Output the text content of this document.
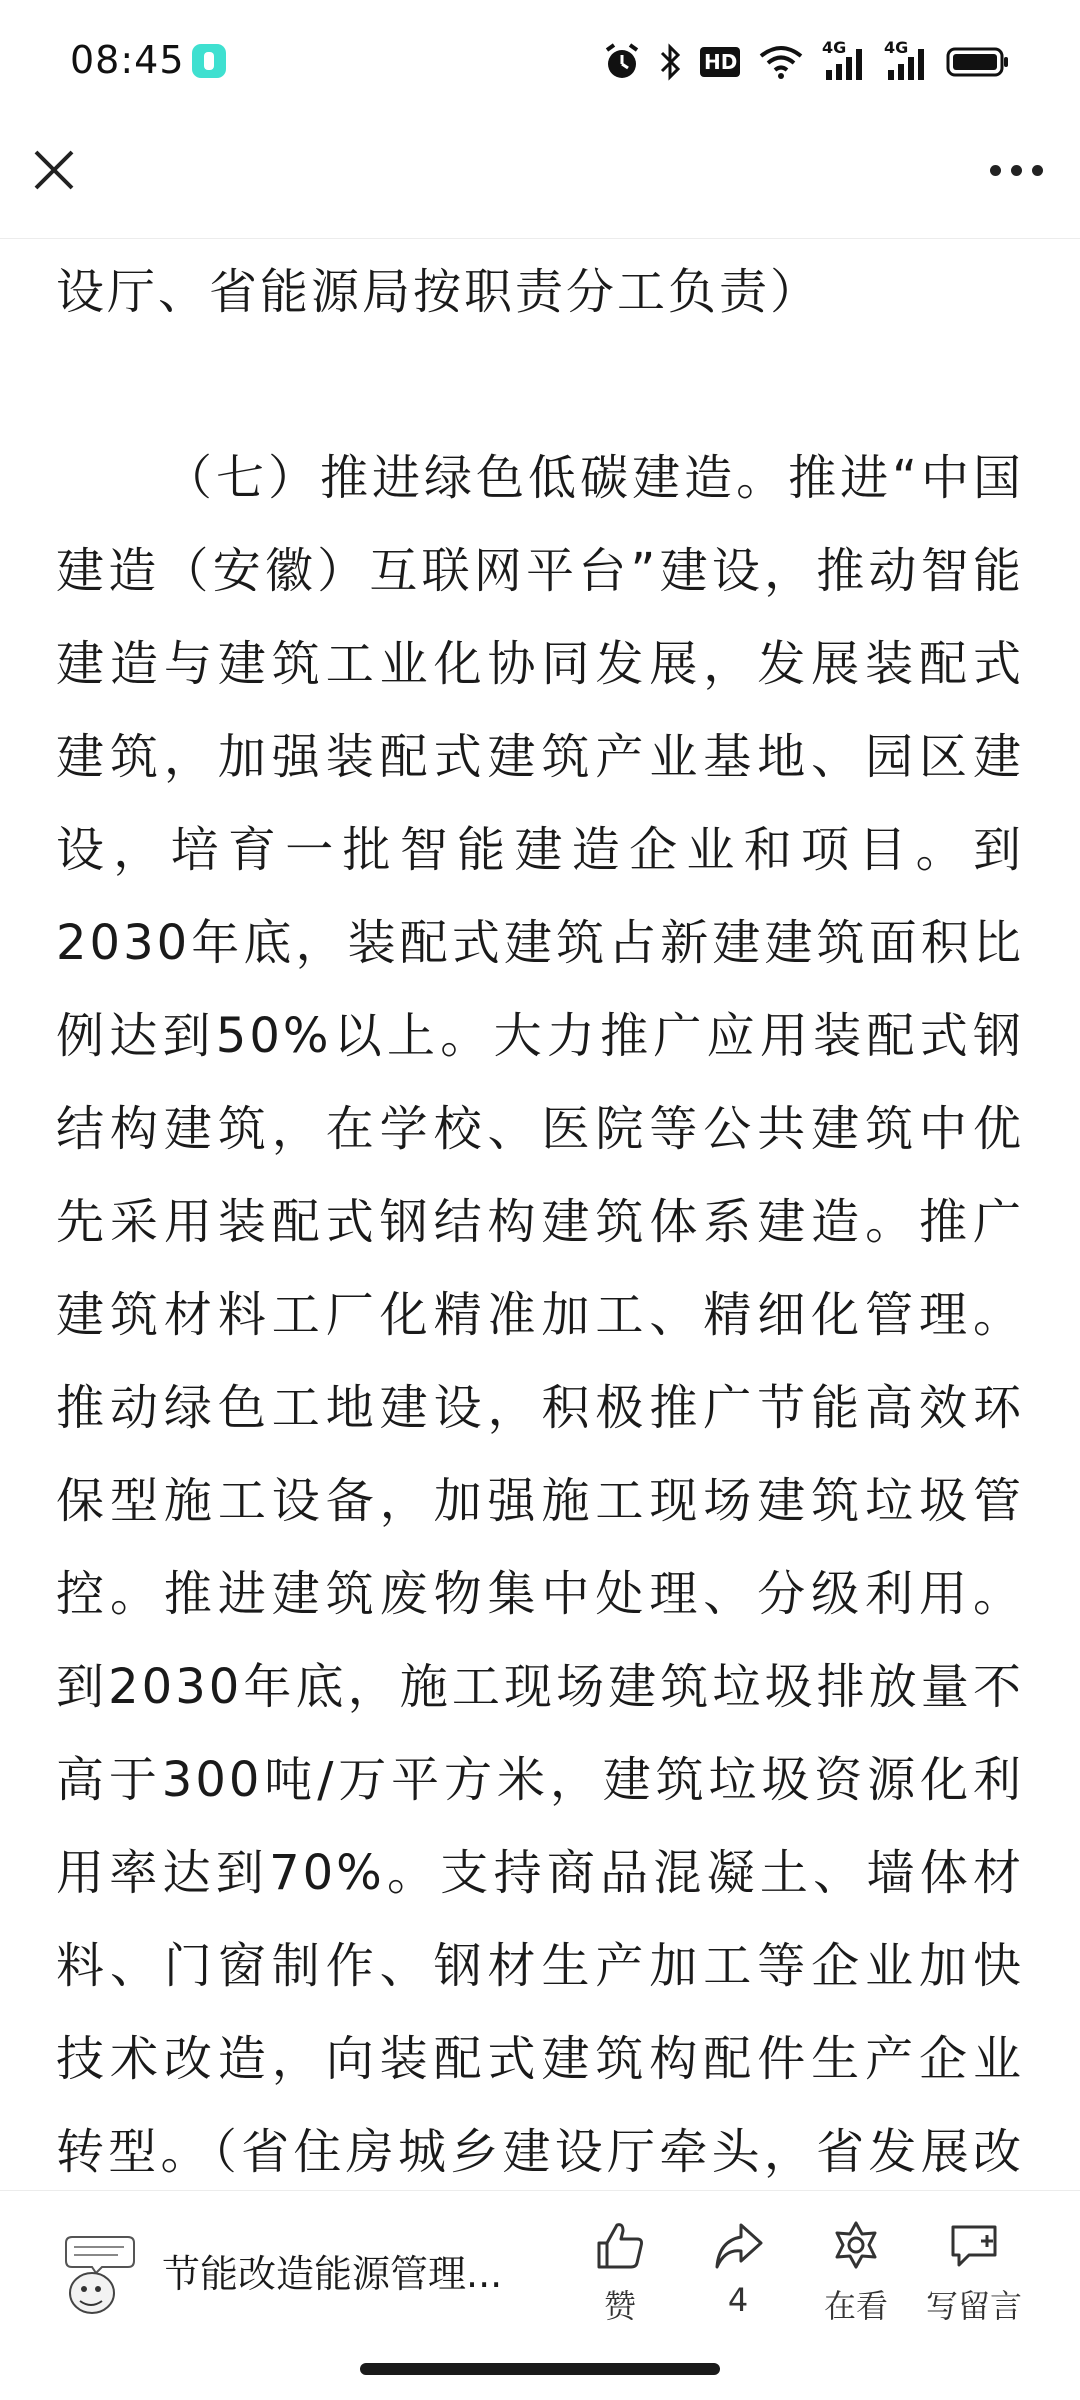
08:45	HD
4G 4G

设厅、省能源局按职责分工负责）

（七）推进绿色低碳建造。推进“中国建造（安徽）互联网平台”建设，推动智能建造与建筑工业化协同发展，发展装配式建筑，加强装配式建筑产业基地、园区建设，培育一批智能建造企业和项目。到2030年底，装配式建筑占新建建筑面积比例达到50%以上。大力推广应用装配式钢结构建筑，在学校、医院等公共建筑中优先采用装配式钢结构建筑体系建造。推广建筑材料工厂化精准加工、精细化管理。推动绿色工地建设，积极推广节能高效环保型施工设备，加强施工现场建筑垃圾管控。推进建筑废物集中处理、分级利用。到2030年底，施工现场建筑垃圾排放量不高于300吨/万平方米，建筑垃圾资源化利用率达到70%。支持商品混凝土、墙体材料、门窗制作、钢材生产加工等企业加快技术改造，向装配式建筑构配件生产企业转型。（省住房城乡建设厅牵头，省发展改

节能改造能源管理...
赞	4 在看 写留言
